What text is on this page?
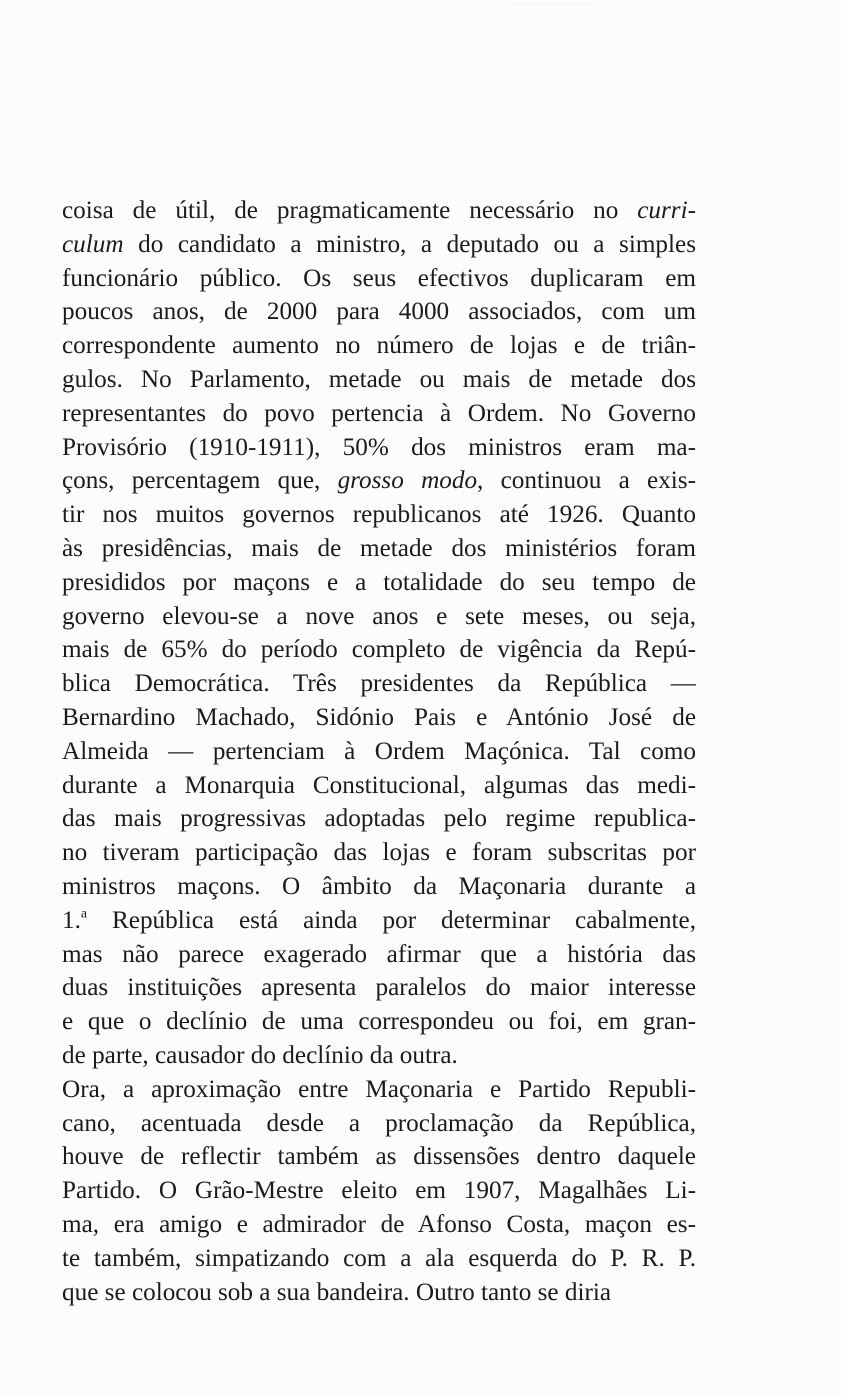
coisa de útil, de pragmaticamente necessário no curri-
culum do candidato a ministro, a deputado ou a simples
funcionário público. Os seus efectivos duplicaram em
poucos anos, de 2000 para 4000 associados, com um
correspondente aumento no número de lojas e de triân-
gulos. No Parlamento, metade ou mais de metade dos
representantes do povo pertencia à Ordem. No Governo
Provisório (1910-1911), 50% dos ministros eram ma-
çons, percentagem que, grosso modo, continuou a exis-
tir nos muitos governos republicanos até 1926. Quanto
às presidências, mais de metade dos ministérios foram
presididos por maçons e a totalidade do seu tempo de
governo elevou-se a nove anos e sete meses, ou seja,
mais de 65% do período completo de vigência da Repú-
blica Democrática. Três presidentes da República —
Bernardino Machado, Sidónio Pais e António José de
Almeida — pertenciam à Ordem Maçónica. Tal como
durante a Monarquia Constitucional, algumas das medi-
das mais progressivas adoptadas pelo regime republica-
no tiveram participação das lojas e foram subscritas por
ministros maçons. O âmbito da Maçonaria durante a
1.$^a$ República está ainda por determinar cabalmente,
mas não parece exagerado afirmar que a história das
duas instituições apresenta paralelos do maior interesse
e que o declínio de uma correspondeu ou foi, em gran-
de parte, causador do declínio da outra.
Ora, a aproximação entre Maçonaria e Partido Republi-
cano, acentuada desde a proclamação da República,
houve de reflectir também as dissensões dentro daquele
Partido. O Grão-Mestre eleito em 1907, Magalhães Li-
ma, era amigo e admirador de Afonso Costa, maçon es-
te também, simpatizando com a ala esquerda do P. R. P.
que se colocou sob a sua bandeira. Outro tanto se diria
